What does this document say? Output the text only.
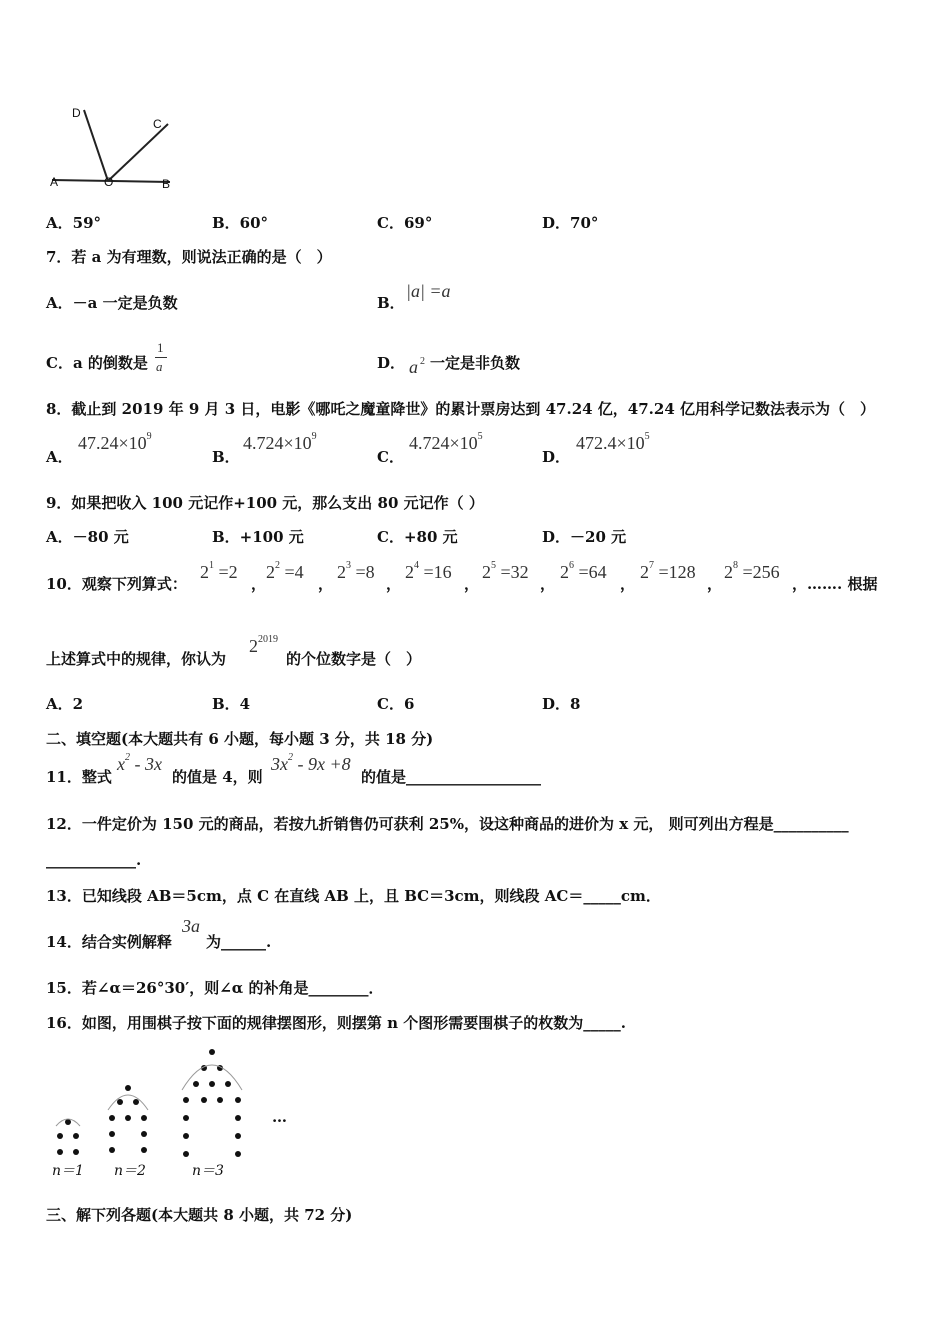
D
C
A	O	B
A．59°	B．60°	C．69°	D．70°
7．若 a 为有理数，则说法正确的是（　）
A．－a 一定是负数	B．
|a| =a
C．a 的倒数是
1
a	D． a 2 一定是非负数
8．截止到 2019 年 9 月 3 日，电影《哪吒之魔童降世》的累计票房达到 47.24 亿，47.24 亿用科学记数法表示为（　）
A．
$47.24\times 10^9$
B．
$4.724\times 10^9$
C．
$4.724\times 10^5$
D．
$472.4\times 10^5$
9．如果把收入 100 元记作+100 元，那么支出 80 元记作（ ）
A．－80 元	B．+100 元	C．+80 元	D．－20 元
10．观察下列算式：
$2^1 =2$
，
$2^2 =4$
，
$2^3 =8$
，
$2^4 =16$
，
$2^5 =32$
，
$2^6 =64$
，
$2^7 =128$
，
$2^8 =256$
，……. 根据
上述算式中的规律，你认为
$2^{2019}$
的个位数字是（　）
A．2	B．4	C．6	D．8
二、填空题(本大题共有 6 小题，每小题 3 分，共 18 分)
11．整式
$x^2 - 3x$
的值是 4，则
$3x^2 - 9x +8$
的值是__________________
12．一件定价为 150 元的商品，若按九折销售仍可获利 25%，设这种商品的进价为 x 元， 则可列出方程是__________
____________.
13．已知线段 AB＝5cm，点 C 在直线 AB 上，且 BC＝3cm，则线段 AC＝_____cm．
14．结合实例解释
3a
为______.
15．若∠α＝26°30′，则∠α 的补角是________．
16．如图，用围棋子按下面的规律摆图形，则摆第 n 个图形需要围棋子的枚数为_____.
n＝1 n＝2	n＝3
…
三、解下列各题(本大题共 8 小题，共 72 分)
